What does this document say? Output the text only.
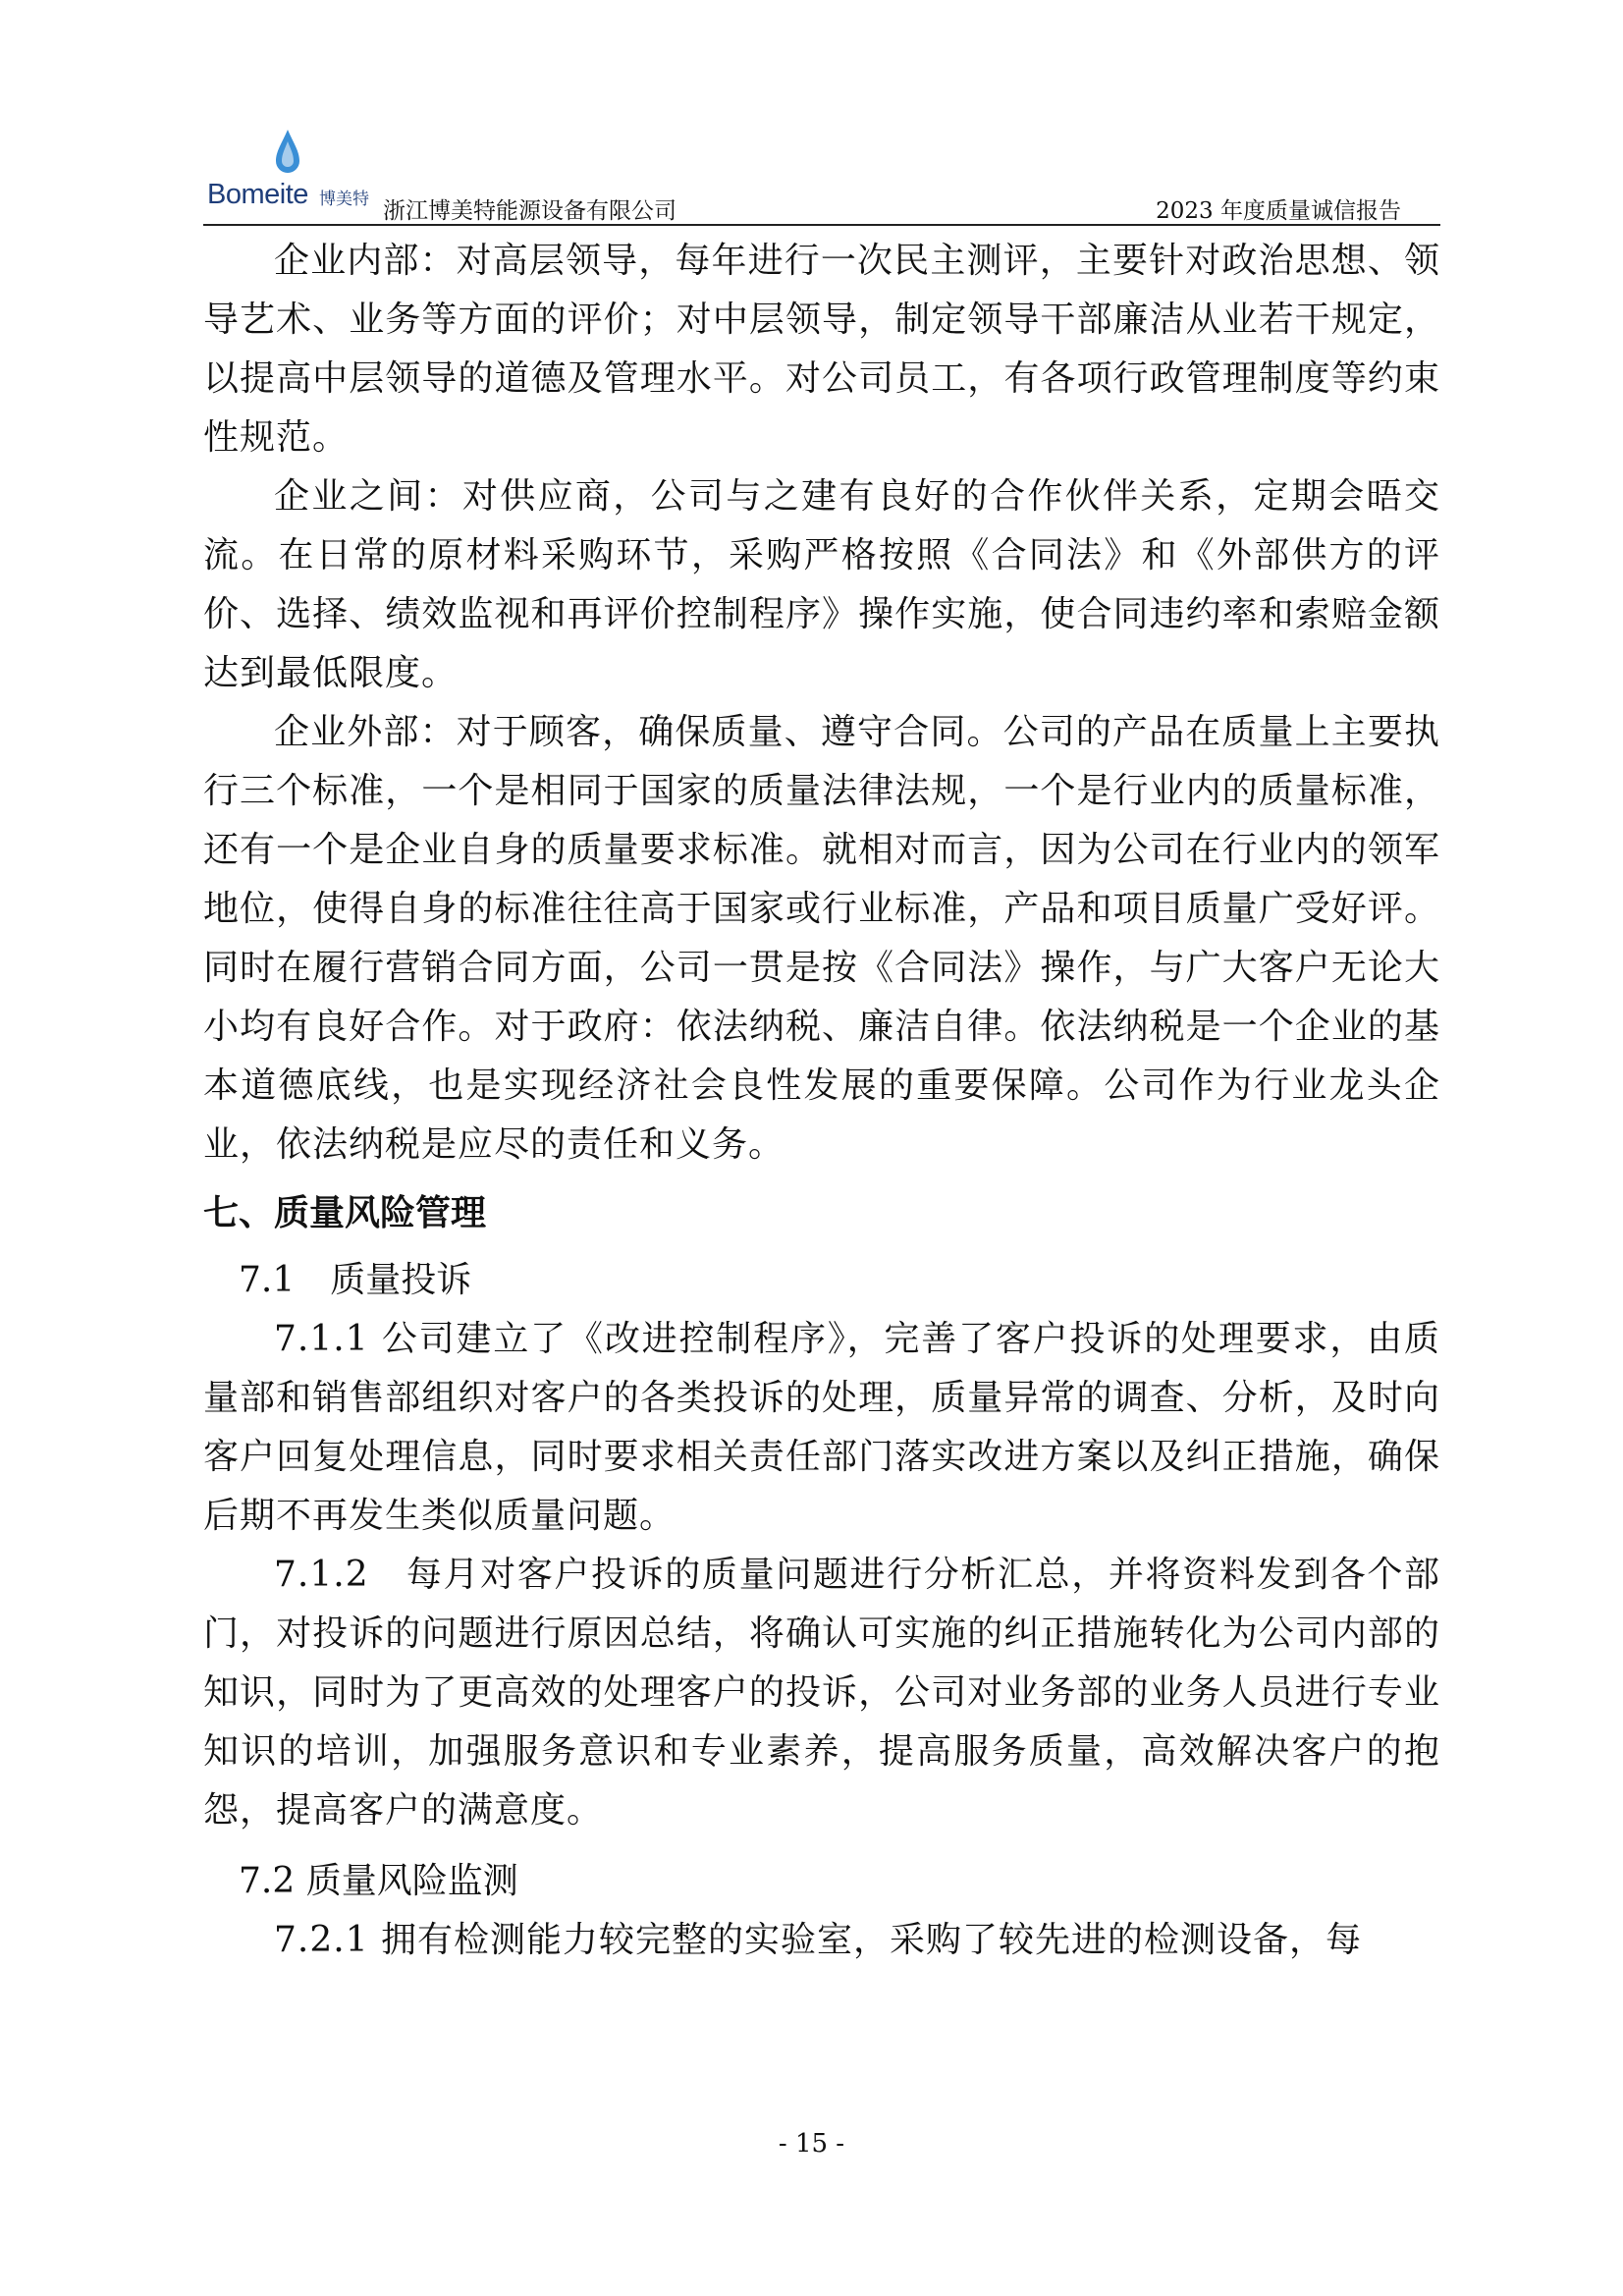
Bomeite 博美特 浙江博美特能源设备有限公司	2023 年度质量诚信报告

企业内部：对高层领导，每年进行一次民主测评，主要针对政治思想、领导艺术、业务等方面的评价；对中层领导，制定领导干部廉洁从业若干规定，以提高中层领导的道德及管理水平。对公司员工，有各项行政管理制度等约束性规范。

企业之间：对供应商，公司与之建有良好的合作伙伴关系，定期会晤交流。在日常的原材料采购环节，采购严格按照《合同法》和《外部供方的评价、选择、绩效监视和再评价控制程序》操作实施，使合同违约率和索赔金额达到最低限度。

企业外部：对于顾客，确保质量、遵守合同。公司的产品在质量上主要执行三个标准，一个是相同于国家的质量法律法规，一个是行业内的质量标准，还有一个是企业自身的质量要求标准。就相对而言，因为公司在行业内的领军地位，使得自身的标准往往高于国家或行业标准，产品和项目质量广受好评。同时在履行营销合同方面，公司一贯是按《合同法》操作，与广大客户无论大小均有良好合作。对于政府：依法纳税、廉洁自律。依法纳税是一个企业的基本道德底线，也是实现经济社会良性发展的重要保障。公司作为行业龙头企业，依法纳税是应尽的责任和义务。

七、质量风险管理
7.1　质量投诉

7.1.1 公司建立了《改进控制程序》，完善了客户投诉的处理要求，由质量部和销售部组织对客户的各类投诉的处理，质量异常的调查、分析，及时向客户回复处理信息，同时要求相关责任部门落实改进方案以及纠正措施，确保后期不再发生类似质量问题。

7.1.2　每月对客户投诉的质量问题进行分析汇总，并将资料发到各个部门，对投诉的问题进行原因总结，将确认可实施的纠正措施转化为公司内部的知识，同时为了更高效的处理客户的投诉，公司对业务部的业务人员进行专业知识的培训，加强服务意识和专业素养，提高服务质量，高效解决客户的抱怨，提高客户的满意度。

7.2 质量风险监测

7.2.1 拥有检测能力较完整的实验室，采购了较先进的检测设备，每

- 15 -
